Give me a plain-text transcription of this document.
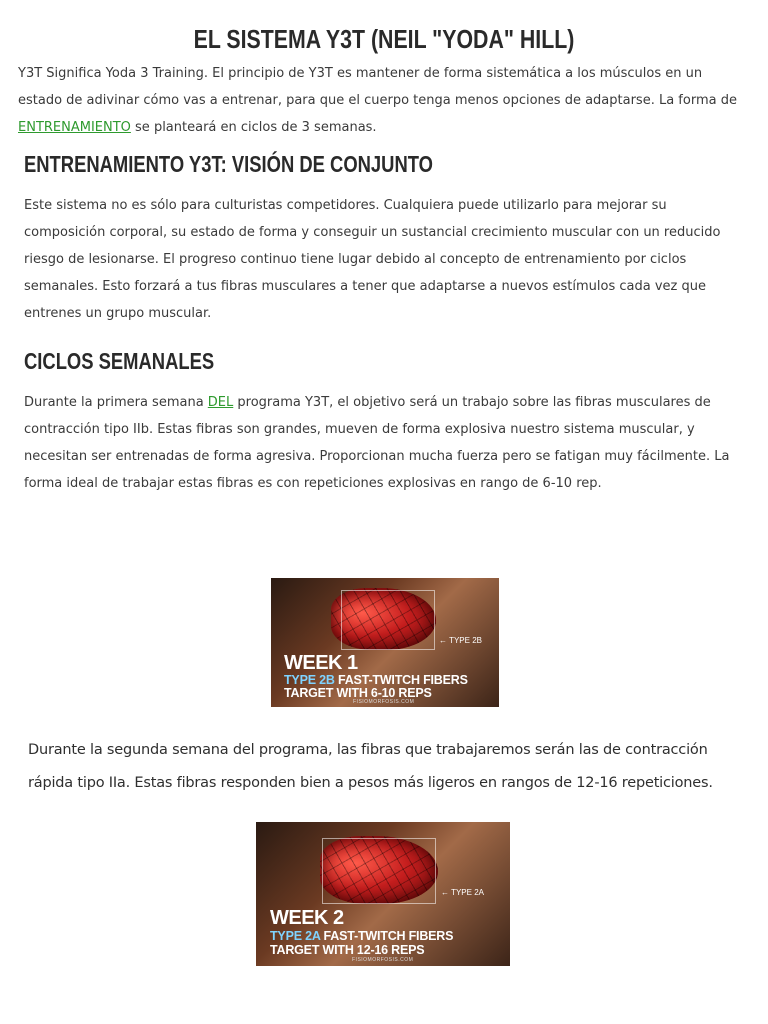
EL SISTEMA Y3T (NEIL "YODA" HILL)

Y3T Significa Yoda 3 Training. El principio de Y3T es mantener de forma sistemática a los músculos en un estado de adivinar cómo vas a entrenar, para que el cuerpo tenga menos opciones de adaptarse. La forma de ENTRENAMIENTO se planteará en ciclos de 3 semanas.

ENTRENAMIENTO Y3T: VISIÓN DE CONJUNTO

Este sistema no es sólo para culturistas competidores. Cualquiera puede utilizarlo para mejorar su composición corporal, su estado de forma y conseguir un sustancial crecimiento muscular con un reducido riesgo de lesionarse. El progreso continuo tiene lugar debido al concepto de entrenamiento por ciclos semanales. Esto forzará a tus fibras musculares a tener que adaptarse a nuevos estímulos cada vez que entrenes un grupo muscular.

CICLOS SEMANALES

Durante la primera semana DEL programa Y3T, el objetivo será un trabajo sobre las fibras musculares de contracción tipo IIb. Estas fibras son grandes, mueven de forma explosiva nuestro sistema muscular, y necesitan ser entrenadas de forma agresiva. Proporcionan mucha fuerza pero se fatigan muy fácilmente. La forma ideal de trabajar estas fibras es con repeticiones explosivas en rango de 6-10 rep.

← TYPE 2B
WEEK 1
TYPE 2B FAST-TWITCH FIBERS
TARGET WITH 6-10 REPS
FISIOMORFOSIS.COM

Durante la segunda semana del programa, las fibras que trabajaremos serán las de contracción rápida tipo IIa. Estas fibras responden bien a pesos más ligeros en rangos de 12-16 repeticiones.

← TYPE 2A
WEEK 2
TYPE 2A FAST-TWITCH FIBERS
TARGET WITH 12-16 REPS
FISIOMORFOSIS.COM
